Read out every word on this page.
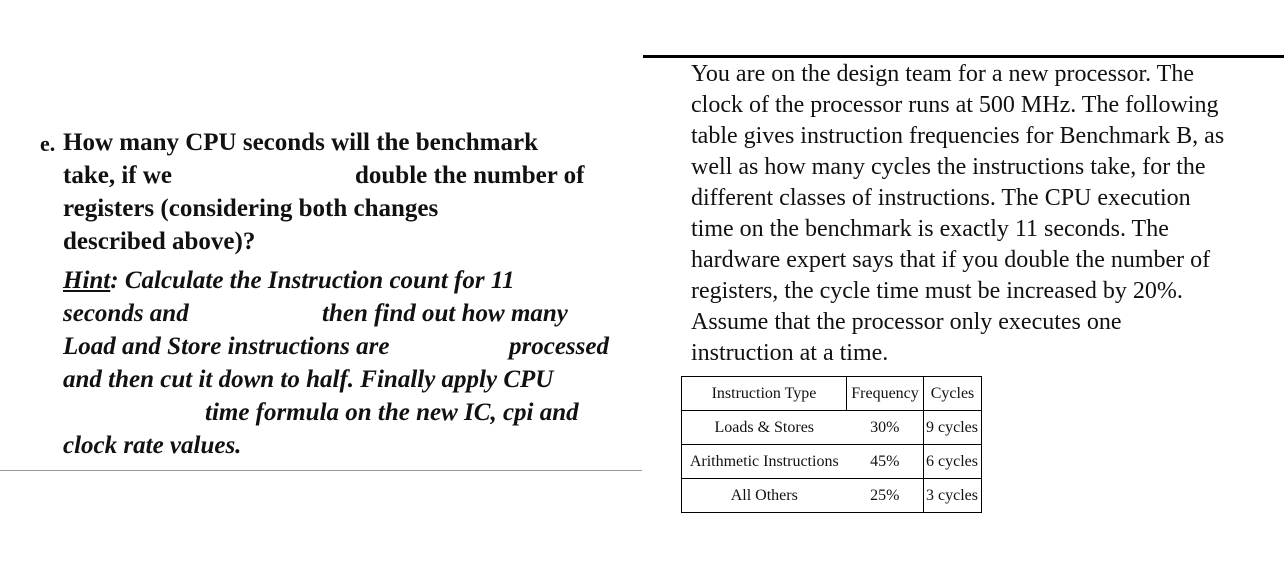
e. How many CPU seconds will the benchmark
take, if we	double the number of
registers (considering both changes
described above)?
Hint: Calculate the Instruction count for 11
seconds and	then find out how many
Load and Store instructions are	processed
and then cut it down to half. Finally apply CPU
time formula on the new IC, cpi and
clock rate values.
You are on the design team for a new processor. The
clock of the processor runs at 500 MHz. The following
table gives instruction frequencies for Benchmark B, as
well as how many cycles the instructions take, for the
different classes of instructions. The CPU execution
time on the benchmark is exactly 11 seconds. The
hardware expert says that if you double the number of
registers, the cycle time must be increased by 20%.
Assume that the processor only executes one
instruction at a time.
Instruction Type	Frequency	Cycles
Loads & Stores	30%	9 cycles
Arithmetic Instructions	45%	6 cycles
All Others	25%	3 cycles
